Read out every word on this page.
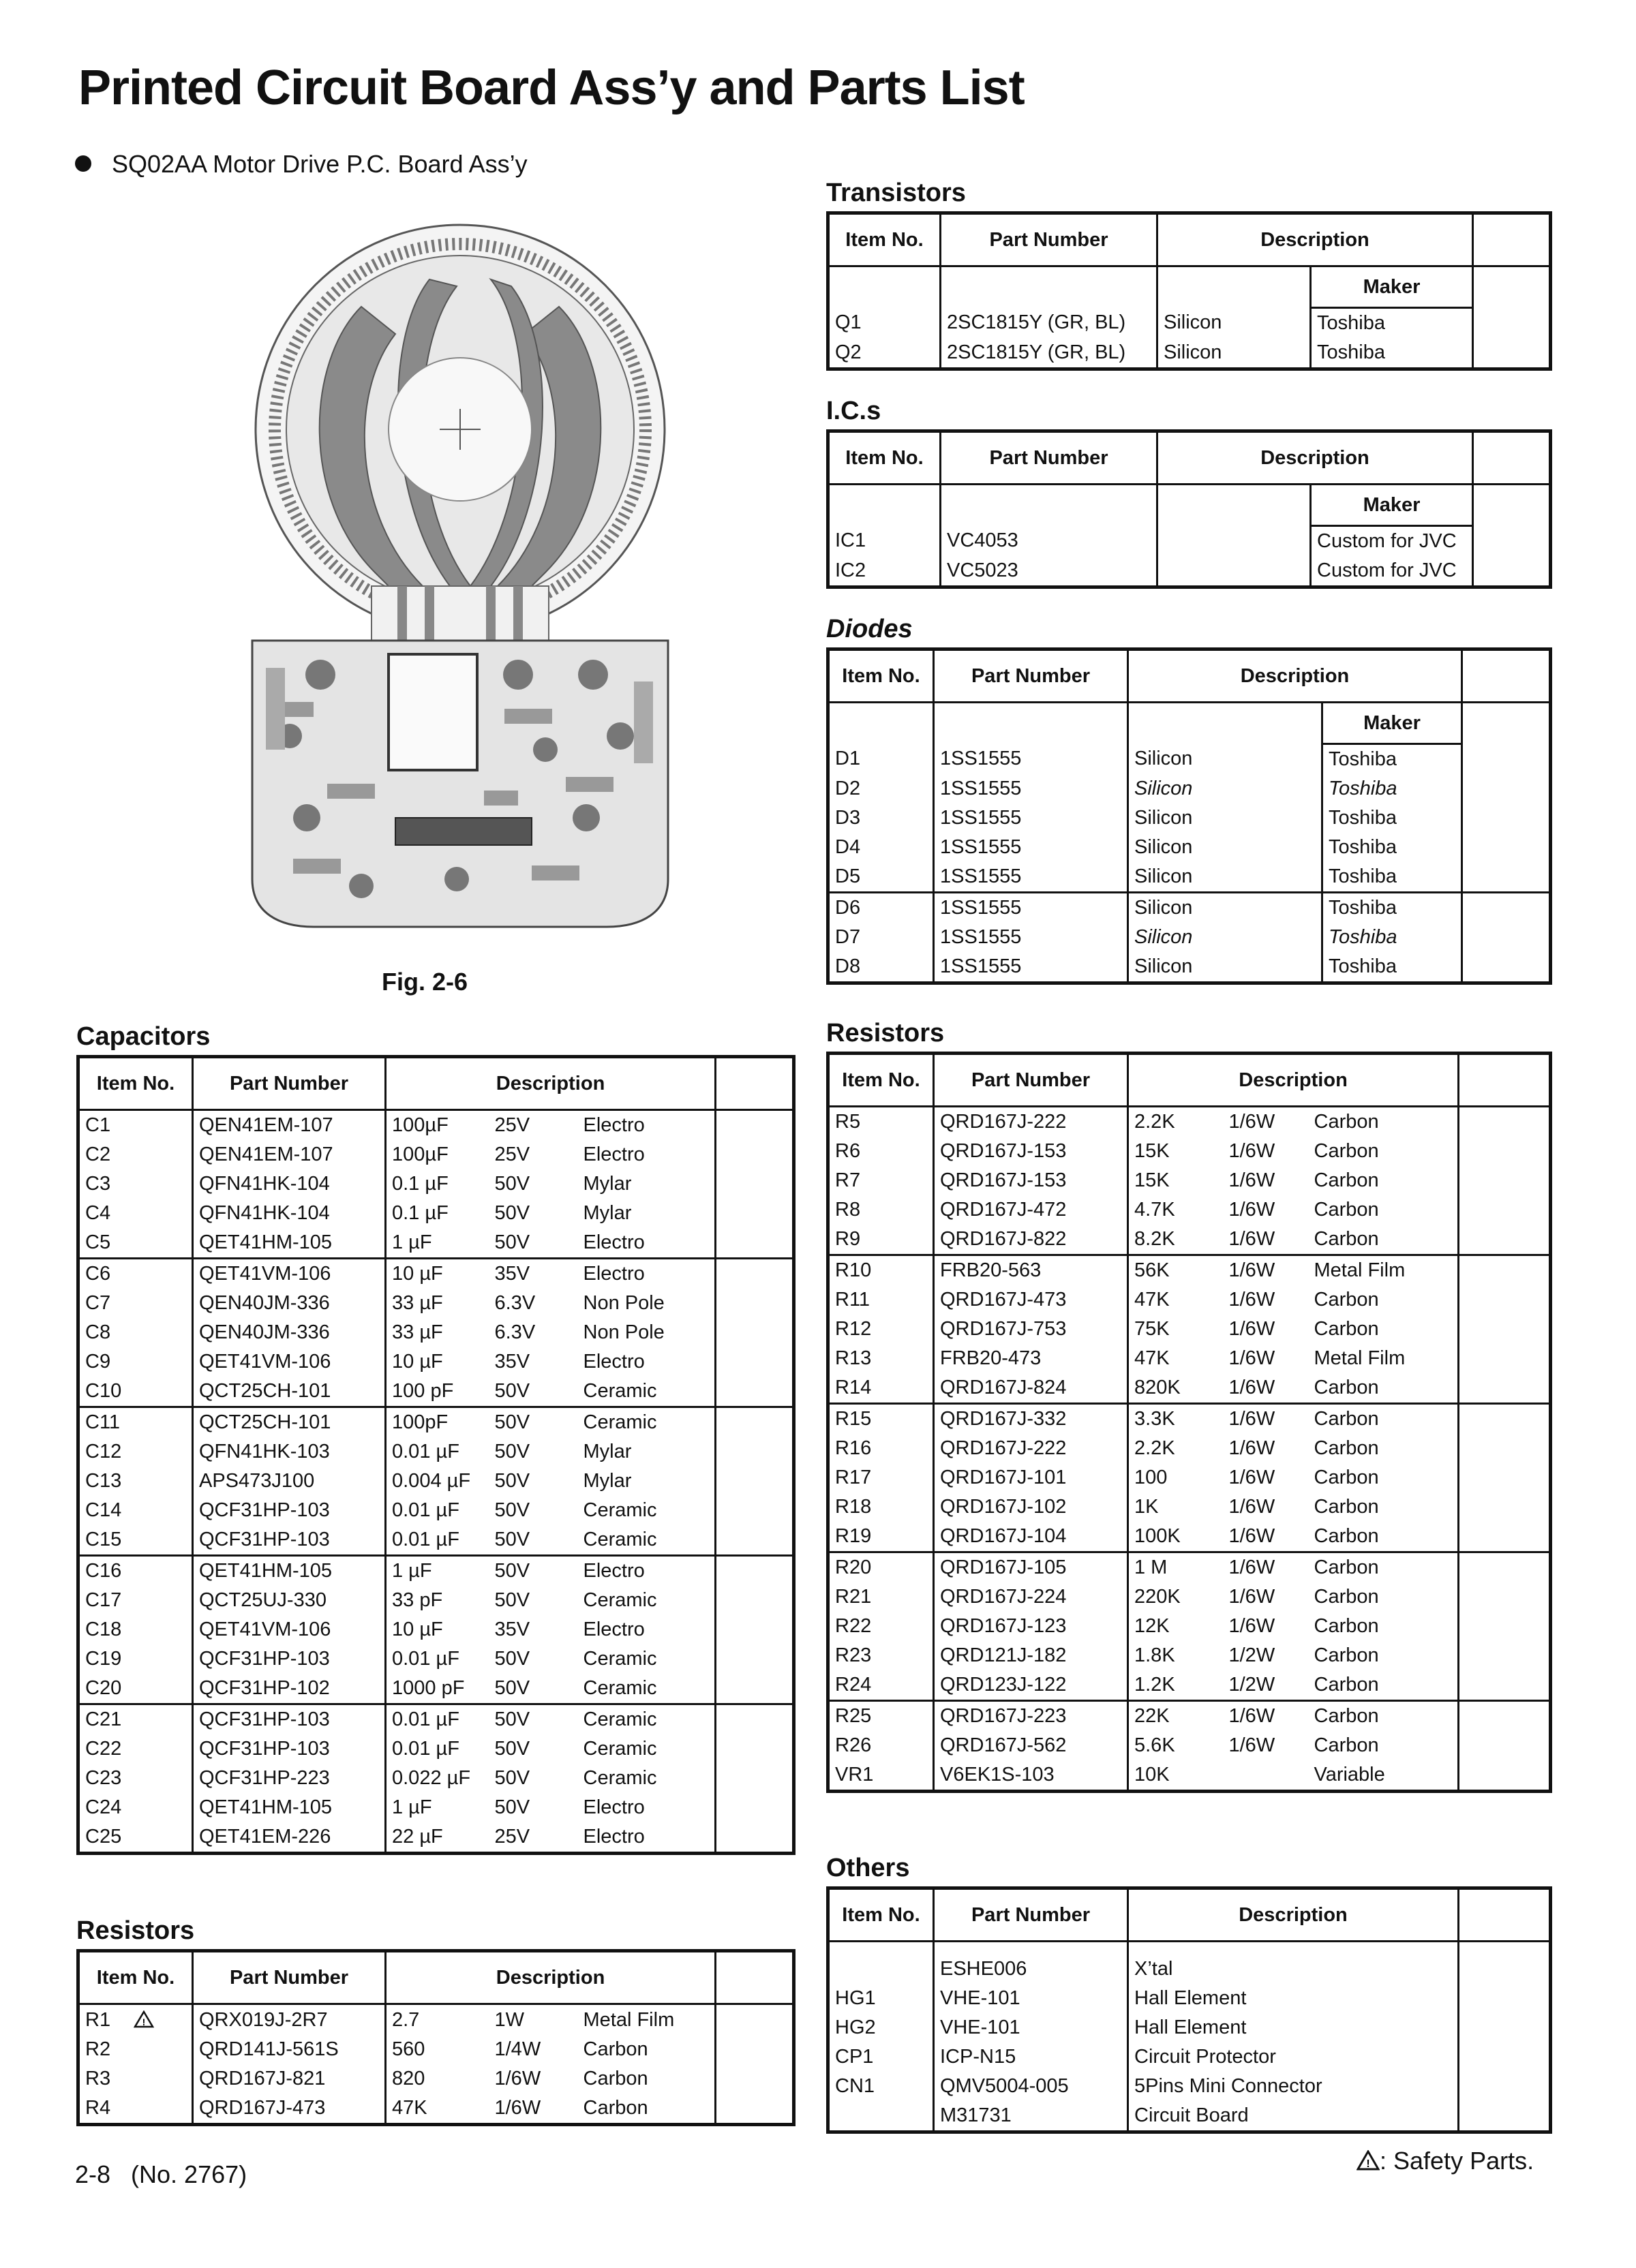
Printed Circuit Board Ass’y and Parts List
SQ02AA Motor Drive P.C. Board Ass’y
Fig. 2-6
Transistors
Item No.	Part Number	Description		
			Maker	
Q1	2SC1815Y (GR, BL)	Silicon	Toshiba	
Q2	2SC1815Y (GR, BL)	Silicon	Toshiba	
I.C.s
Item No.	Part Number	Description		
			Maker	
IC1	VC4053		Custom for JVC	
IC2	VC5023		Custom for JVC	
Diodes
Item No.	Part Number	Description		
			Maker	
D1	1SS1555	Silicon	Toshiba	
D2	1SS1555	Silicon	Toshiba	
D3	1SS1555	Silicon	Toshiba	
D4	1SS1555	Silicon	Toshiba	
D5	1SS1555	Silicon	Toshiba	
D6	1SS1555	Silicon	Toshiba	
D7	1SS1555	Silicon	Toshiba	
D8	1SS1555	Silicon	Toshiba	
Capacitors
Item No.	Part Number	Description			
C1	QEN41EM-107	100µF	25V	Electro	
C2	QEN41EM-107	100µF	25V	Electro	
C3	QFN41HK-104	0.1 µF	50V	Mylar	
C4	QFN41HK-104	0.1 µF	50V	Mylar	
C5	QET41HM-105	1 µF	50V	Electro	
C6	QET41VM-106	10 µF	35V	Electro	
C7	QEN40JM-336	33 µF	6.3V	Non Pole	
C8	QEN40JM-336	33 µF	6.3V	Non Pole	
C9	QET41VM-106	10 µF	35V	Electro	
C10	QCT25CH-101	100 pF	50V	Ceramic	
C11	QCT25CH-101	100pF	50V	Ceramic	
C12	QFN41HK-103	0.01 µF	50V	Mylar	
C13	APS473J100	0.004 µF	50V	Mylar	
C14	QCF31HP-103	0.01 µF	50V	Ceramic	
C15	QCF31HP-103	0.01 µF	50V	Ceramic	
C16	QET41HM-105	1 µF	50V	Electro	
C17	QCT25UJ-330	33 pF	50V	Ceramic	
C18	QET41VM-106	10 µF	35V	Electro	
C19	QCF31HP-103	0.01 µF	50V	Ceramic	
C20	QCF31HP-102	1000 pF	50V	Ceramic	
C21	QCF31HP-103	0.01 µF	50V	Ceramic	
C22	QCF31HP-103	0.01 µF	50V	Ceramic	
C23	QCF31HP-223	0.022 µF	50V	Ceramic	
C24	QET41HM-105	1 µF	50V	Electro	
C25	QET41EM-226	22 µF	25V	Electro	
Resistors
Item No.	Part Number	Description			
R1 !	QRX019J-2R7	2.7	1W	Metal Film	
R2	QRD141J-561S	560	1/4W	Carbon	
R3	QRD167J-821	820	1/6W	Carbon	
R4	QRD167J-473	47K	1/6W	Carbon	
Resistors
Item No.	Part Number	Description			
R5	QRD167J-222	2.2K	1/6W	Carbon	
R6	QRD167J-153	15K	1/6W	Carbon	
R7	QRD167J-153	15K	1/6W	Carbon	
R8	QRD167J-472	4.7K	1/6W	Carbon	
R9	QRD167J-822	8.2K	1/6W	Carbon	
R10	FRB20-563	56K	1/6W	Metal Film	
R11	QRD167J-473	47K	1/6W	Carbon	
R12	QRD167J-753	75K	1/6W	Carbon	
R13	FRB20-473	47K	1/6W	Metal Film	
R14	QRD167J-824	820K	1/6W	Carbon	
R15	QRD167J-332	3.3K	1/6W	Carbon	
R16	QRD167J-222	2.2K	1/6W	Carbon	
R17	QRD167J-101	100	1/6W	Carbon	
R18	QRD167J-102	1K	1/6W	Carbon	
R19	QRD167J-104	100K	1/6W	Carbon	
R20	QRD167J-105	1 M	1/6W	Carbon	
R21	QRD167J-224	220K	1/6W	Carbon	
R22	QRD167J-123	12K	1/6W	Carbon	
R23	QRD121J-182	1.8K	1/2W	Carbon	
R24	QRD123J-122	1.2K	1/2W	Carbon	
R25	QRD167J-223	22K	1/6W	Carbon	
R26	QRD167J-562	5.6K	1/6W	Carbon	
VR1	V6EK1S-103	10K		Variable	
Others
Item No.	Part Number	Description	
	ESHE006	X’tal	
HG1	VHE-101	Hall Element	
HG2	VHE-101	Hall Element	
CP1	ICP-N15	Circuit Protector	
CN1	QMV5004-005	5Pins Mini Connector	
	M31731	Circuit Board	
2-8 (No. 2767)	! : Safety Parts.
